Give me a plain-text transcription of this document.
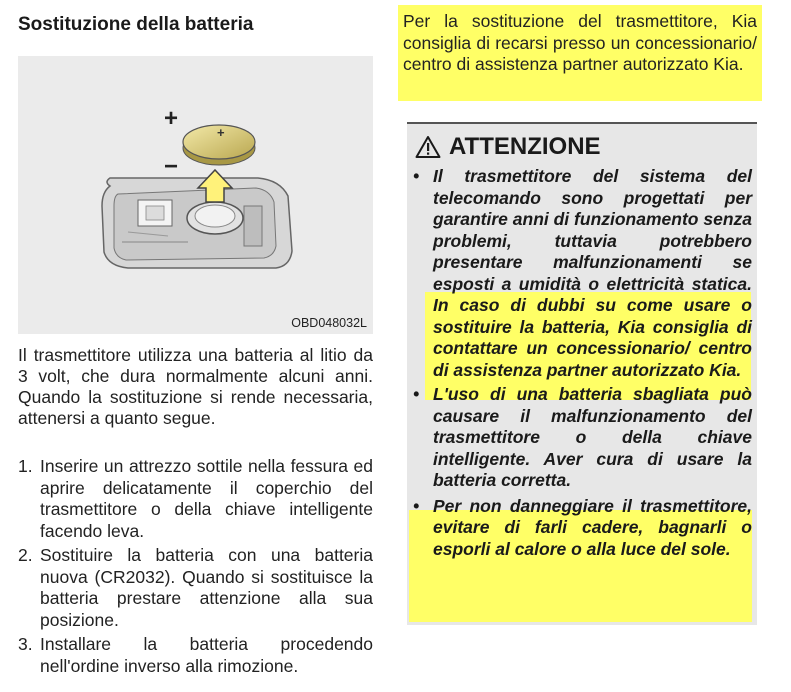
Sostituzione della batteria
+
+
−
OBD048032L
Il trasmettitore utilizza una batteria al litio da 3 volt, che dura normalmente alcuni anni. Quando la sostituzione si rende necessaria, attenersi a quanto segue.
1. Inserire un attrezzo sottile nella fessura ed aprire delicatamente il coperchio del trasmettitore o della chiave intelligente facendo leva.
2. Sostituire la batteria con una batteria nuova (CR2032). Quando si sostituisce la batteria prestare attenzione alla sua posizione.
3. Installare la batteria procedendo nell'ordine inverso alla rimozione.
Per la sostituzione del trasmettitore, Kia consiglia di recarsi presso un concessionario/ centro di assistenza partner autorizzato Kia.
ATTENZIONE
• Il trasmettitore del sistema del telecomando sono progettati per garantire anni di funzionamento senza problemi, tuttavia potrebbero presentare malfunzionamenti se esposti a umidità o elettricità statica. In caso di dubbi su come usare o sostituire la batteria, Kia consiglia di contattare un concessionario/ centro di assistenza partner autorizzato Kia.
• L'uso di una batteria sbagliata può causare il malfunzionamento del trasmettitore o della chiave intelligente. Aver cura di usare la batteria corretta.
• Per non danneggiare il trasmettitore, evitare di farli cadere, bagnarli o esporli al calore o alla luce del sole.
